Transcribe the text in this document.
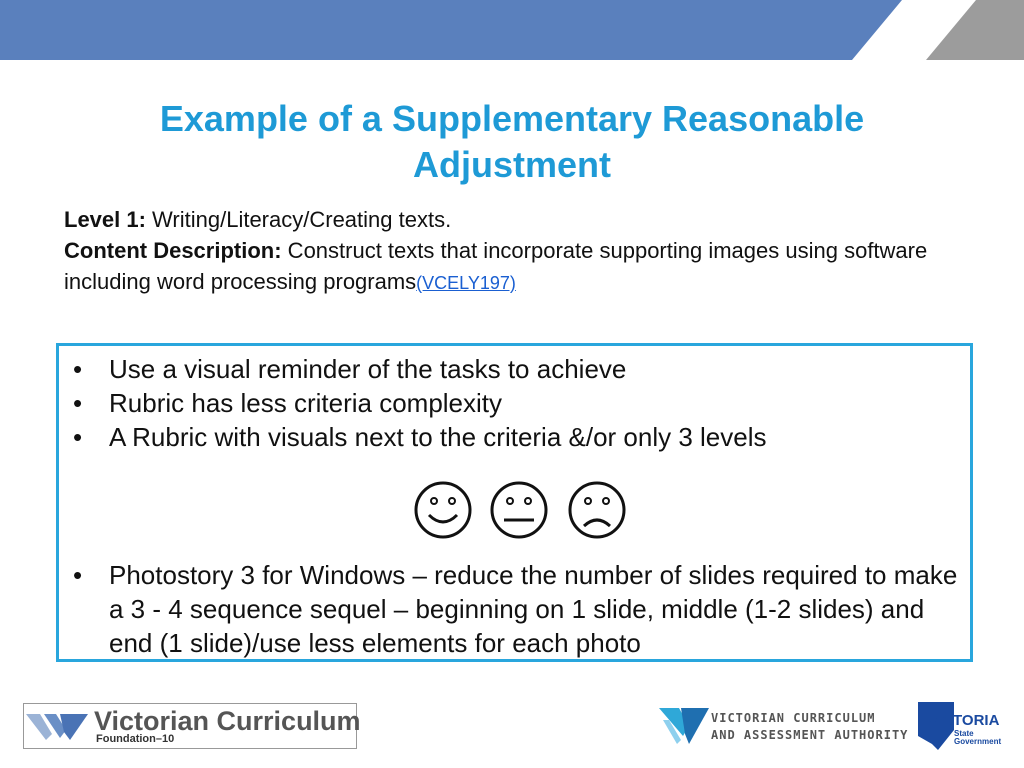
Example of a Supplementary Reasonable Adjustment
Level 1: Writing/Literacy/Creating texts.
Content Description: Construct texts that incorporate supporting images using software including word processing programs(VCELY197)
• Use a visual reminder of the tasks to achieve
• Rubric has less criteria complexity
• A Rubric with visuals next to the criteria &/or only 3 levels
• Photostory 3 for Windows – reduce the number of slides required to make a 3 - 4 sequence sequel – beginning on 1 slide, middle (1-2 slides) and end (1 slide)/use less elements for each photo
Victorian Curriculum
Foundation–10
VICTORIAN CURRICULUM
AND ASSESSMENT AUTHORITY
VICTORIA
State
Government
